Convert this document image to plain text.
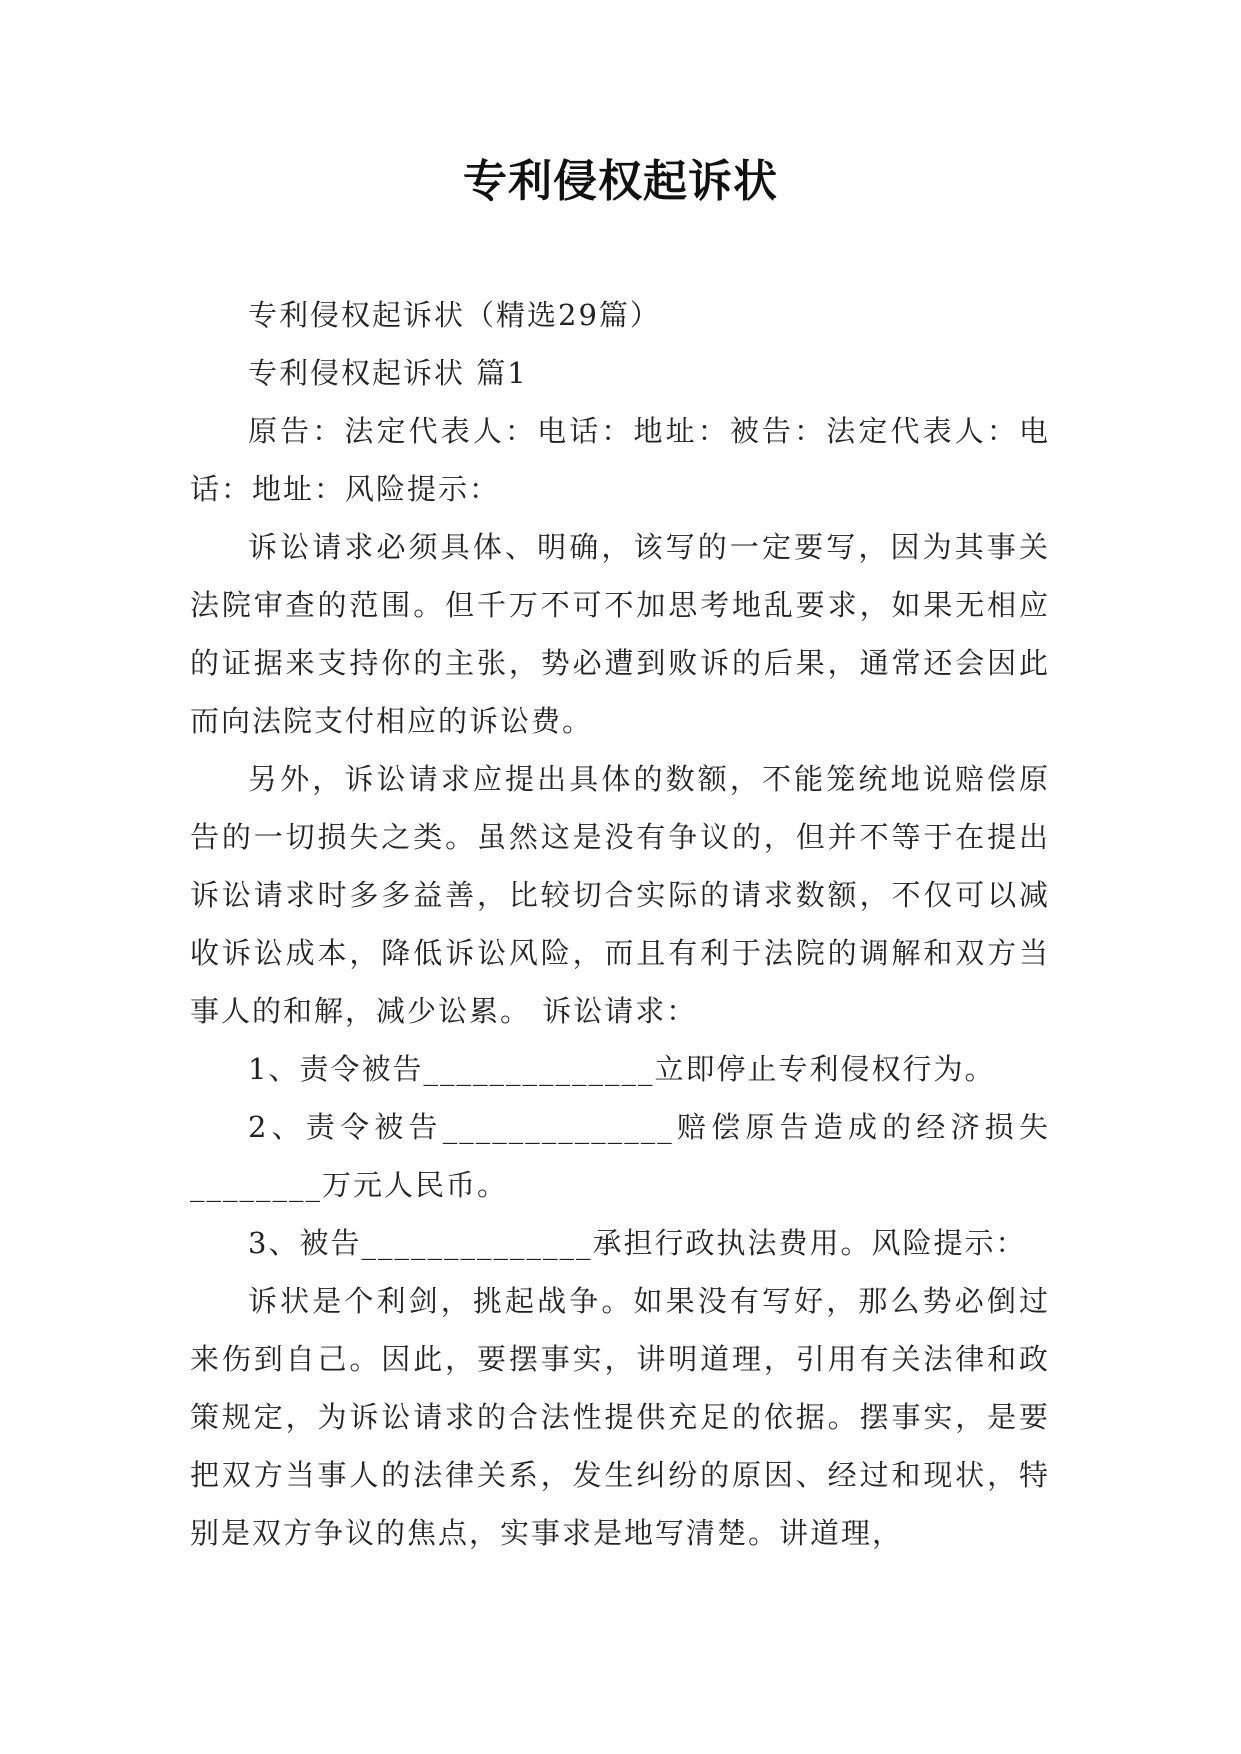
专利侵权起诉状

专利侵权起诉状（精选29篇）

专利侵权起诉状 篇1

原告：法定代表人：电话：地址：被告：法定代表人：电话：地址：风险提示：

诉讼请求必须具体、明确，该写的一定要写，因为其事关法院审查的范围。但千万不可不加思考地乱要求，如果无相应的证据来支持你的主张，势必遭到败诉的后果，通常还会因此而向法院支付相应的诉讼费。

另外，诉讼请求应提出具体的数额，不能笼统地说赔偿原告的一切损失之类。虽然这是没有争议的，但并不等于在提出诉讼请求时多多益善，比较切合实际的请求数额，不仅可以减收诉讼成本，降低诉讼风险，而且有利于法院的调解和双方当事人的和解，减少讼累。 诉讼请求：

1、责令被告______________立即停止专利侵权行为。

2、责令被告______________赔偿原告造成的经济损失________万元人民币。

3、被告______________承担行政执法费用。风险提示：

诉状是个利剑，挑起战争。如果没有写好，那么势必倒过来伤到自己。因此，要摆事实，讲明道理，引用有关法律和政策规定，为诉讼请求的合法性提供充足的依据。摆事实，是要把双方当事人的法律关系，发生纠纷的原因、经过和现状，特别是双方争议的焦点，实事求是地写清楚。讲道理，
